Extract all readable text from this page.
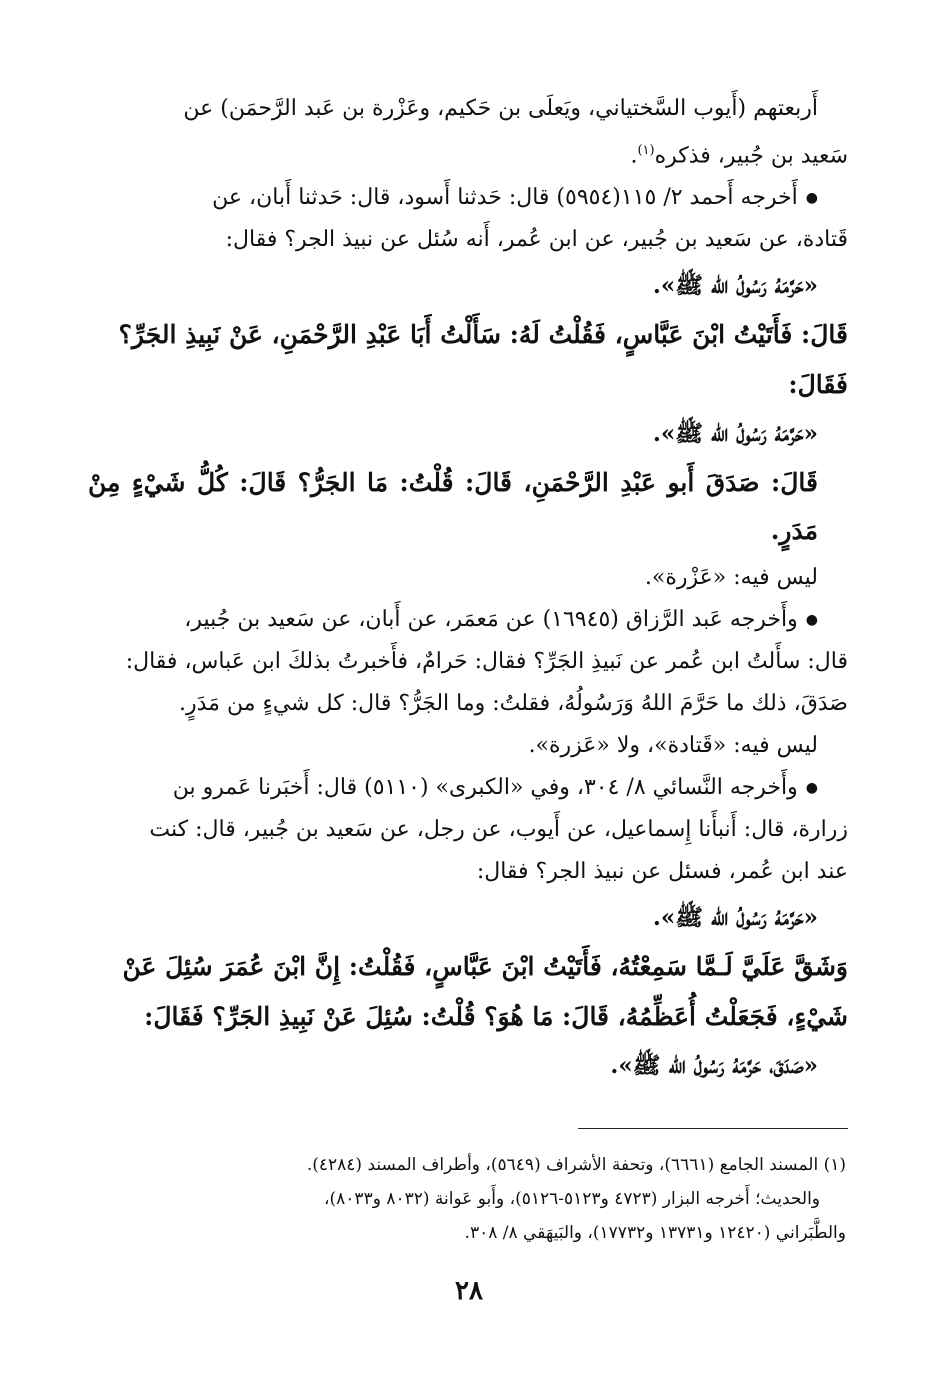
أَربعتهم (أَيوب السَّختياني، ويَعلَى بن حَكيم، وعَزْرة بن عَبد الرَّحمَن) عن

سَعيد بن جُبير، فذكره$^{(١)}$.

● أَخرجه أَحمد ٢/ ١١٥(٥٩٥٤) قال: حَدثنا أَسود، قال: حَدثنا أَبان، عن

قَتادة، عن سَعيد بن جُبير، عن ابن عُمر، أَنه سُئل عن نبيذ الجر؟ فقال:

«حَرَّمَهُ رَسُولُ الله ﷺ».

قَالَ: فَأَتَيْتُ ابْنَ عَبَّاسٍ، فَقُلْتُ لَهُ: سَأَلْتُ أَبَا عَبْدِ الرَّحْمَنِ، عَنْ نَبِيذِ الجَرِّ؟

فَقَالَ:

«حَرَّمَهُ رَسُولُ الله ﷺ».

قَالَ: صَدَقَ أَبو عَبْدِ الرَّحْمَنِ، قَالَ: قُلْتُ: مَا الجَرُّ؟ قَالَ: كُلُّ شَيْءٍ مِنْ مَدَرٍ.

ليس فيه: «عَزْرة».

● وأَخرجه عَبد الرَّزاق (١٦٩٤٥) عن مَعمَر، عن أَبان، عن سَعيد بن جُبير،

قال: سأَلتُ ابن عُمر عن نَبيذِ الجَرِّ؟ فقال: حَرامٌ، فأَخبرتُ بذلكَ ابن عَباس، فقال:

صَدَقَ، ذلك ما حَرَّمَ اللهُ وَرَسُولُهُ، فقلتُ: وما الجَرُّ؟ قال: كل شيءٍ من مَدَرٍ.

ليس فيه: «قَتادة»، ولا «عَزرة».

● وأَخرجه النَّسائي ٨/ ٣٠٤، وفي «الكبرى» (٥١١٠) قال: أَخبَرنا عَمرو بن

زرارة، قال: أَنبأَنا إِسماعيل، عن أَيوب، عن رجل، عن سَعيد بن جُبير، قال: كنت

عند ابن عُمر، فسئل عن نبيذ الجر؟ فقال:

«حَرَّمَهُ رَسُولُ الله ﷺ».

وَشَقَّ عَلَيَّ لَـمَّا سَمِعْتُهُ، فَأَتَيْتُ ابْنَ عَبَّاسٍ، فَقُلْتُ: إِنَّ ابْنَ عُمَرَ سُئِلَ عَنْ

شَيْءٍ، فَجَعَلْتُ أُعَظِّمُهُ، قَالَ: مَا هُوَ؟ قُلْتُ: سُئِلَ عَنْ نَبِيذِ الجَرِّ؟ فَقَالَ:

«صَدَقَ، حَرَّمَهُ رَسُولُ الله ﷺ».

(١) المسند الجامع (٦٦٦١)، وتحفة الأشراف (٥٦٤٩)، وأطراف المسند (٤٢٨٤).

والحديث؛ أَخرجه البزار (٤٧٢٣ و٥١٢٣-٥١٢٦)، وأَبو عَوانة (٨٠٣٢ و٨٠٣٣)،

والطَّبَراني (١٢٤٢٠ و١٣٧٣١ و١٧٧٣٢)، والبَيهَقي ٨/ ٣٠٨.

٢٨
